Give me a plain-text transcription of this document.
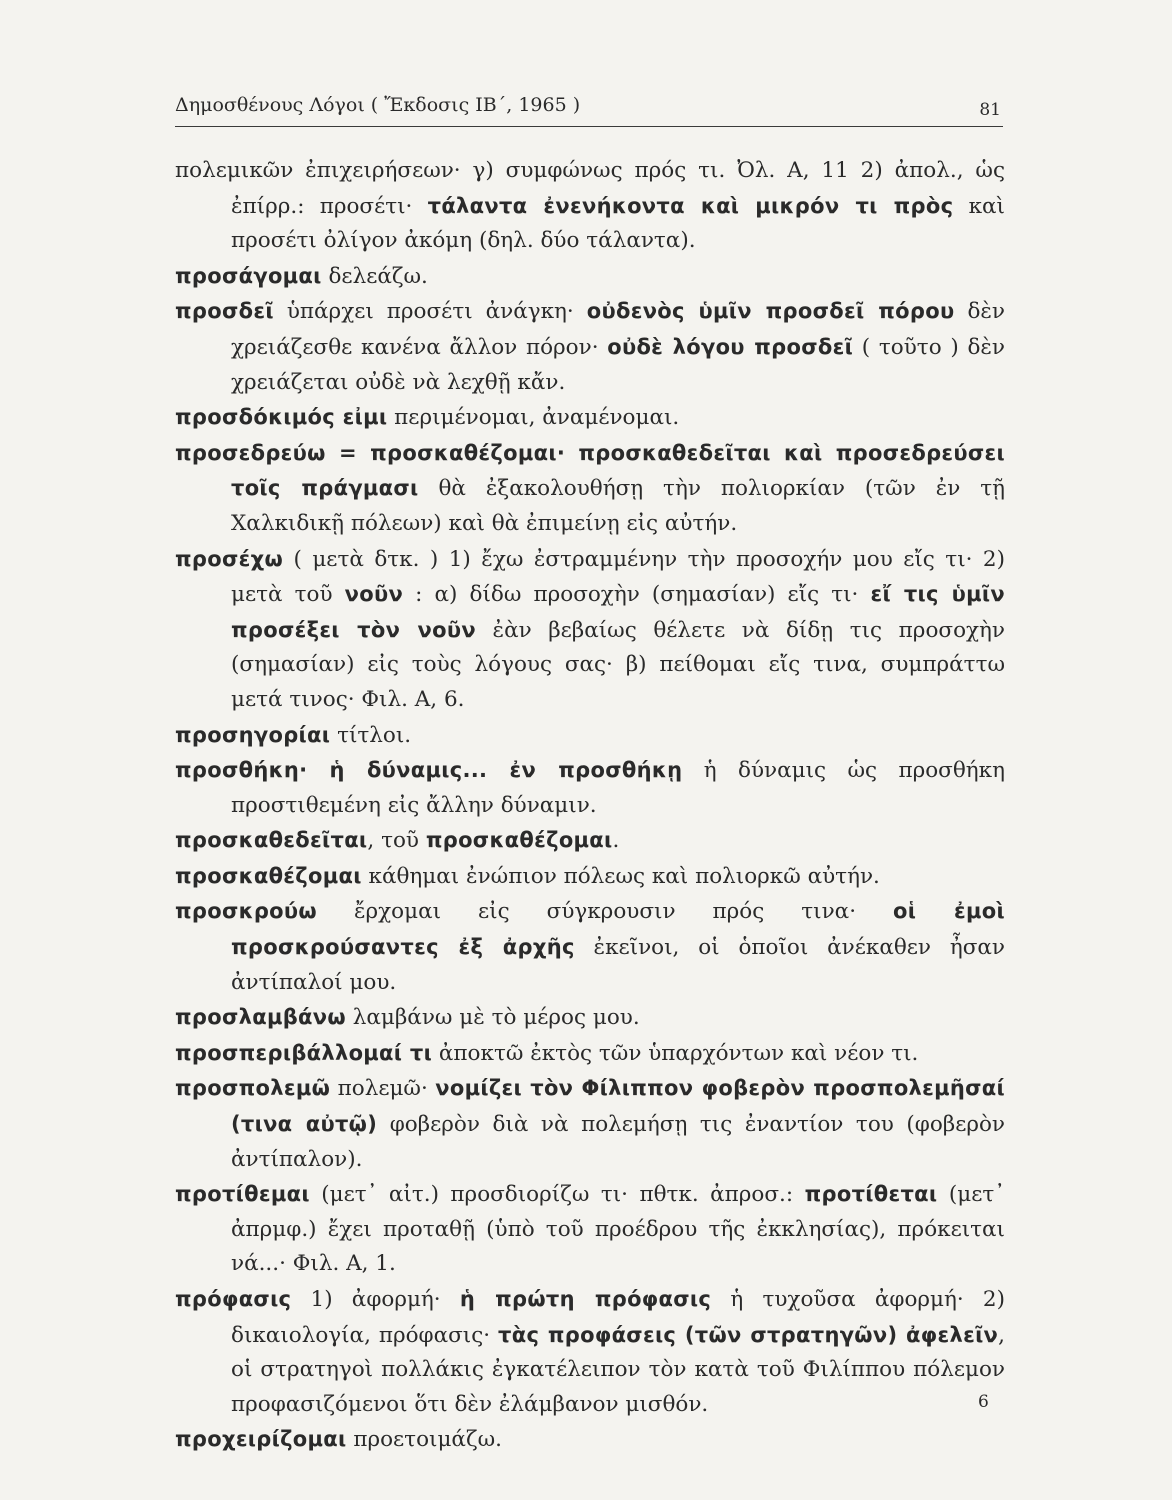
Δημοσθένους Λόγοι ( Ἔκδοσις ΙΒ΄, 1965 )	81

πολεμικῶν ἐπιχειρήσεων· γ) συμφώνως πρός τι. Ὀλ. Α, 11 2) ἀπολ., ὡς ἐπίρρ.: προσέτι· τάλαντα ἐνενήκοντα καὶ μικρόν τι πρὸς καὶ προσέτι ὀλίγον ἀκόμη (δηλ. δύο τάλαντα).

προσάγομαι δελεάζω.

προσδεῖ ὑπάρχει προσέτι ἀνάγκη· οὐδενὸς ὑμῖν προσδεῖ πόρου δὲν χρειάζεσθε κανένα ἄλλον πόρον· οὐδὲ λόγου προσδεῖ ( τοῦτο ) δὲν χρειάζεται οὐδὲ νὰ λεχθῇ κἄν.

προσδόκιμός εἰμι περιμένομαι, ἀναμένομαι.

προσεδρεύω = προσκαθέζομαι· προσκαθεδεῖται καὶ προσεδρεύσει τοῖς πράγμασι θὰ ἐξακολουθήσῃ τὴν πολιορκίαν (τῶν ἐν τῇ Χαλκιδικῇ πόλεων) καὶ θὰ ἐπιμείνῃ εἰς αὐτήν.

προσέχω ( μετὰ δτκ. ) 1) ἔχω ἐστραμμένην τὴν προσοχήν μου εἴς τι· 2) μετὰ τοῦ νοῦν : α) δίδω προσοχὴν (σημασίαν) εἴς τι· εἴ τις ὑμῖν προσέξει τὸν νοῦν ἐὰν βεβαίως θέλετε νὰ δίδῃ τις προσοχὴν (σημασίαν) εἰς τοὺς λόγους σας· β) πείθομαι εἴς τινα, συμπράττω μετά τινος· Φιλ. Α, 6.

προσηγορίαι τίτλοι.

προσθήκη· ἡ δύναμις... ἐν προσθήκῃ ἡ δύναμις ὡς προσθήκη προστιθεμένη εἰς ἄλλην δύναμιν.

προσκαθεδεῖται, τοῦ προσκαθέζομαι.

προσκαθέζομαι κάθημαι ἐνώπιον πόλεως καὶ πολιορκῶ αὐτήν.

προσκρούω ἔρχομαι εἰς σύγκρουσιν πρός τινα· οἱ ἐμοὶ προσκρούσαντες ἐξ ἀρχῆς ἐκεῖνοι, οἱ ὁποῖοι ἀνέκαθεν ἦσαν ἀντίπαλοί μου.

προσλαμβάνω λαμβάνω μὲ τὸ μέρος μου.

προσπεριβάλλομαί τι ἀποκτῶ ἐκτὸς τῶν ὑπαρχόντων καὶ νέον τι.

προσπολεμῶ πολεμῶ· νομίζει τὸν Φίλιππον φοβερὸν προσπολεμῆσαί (τινα αὐτῷ) φοβερὸν διὰ νὰ πολεμήσῃ τις ἐναντίον του (φοβερὸν ἀντίπαλον).

προτίθεμαι (μετ᾽ αἰτ.) προσδιορίζω τι· πθτκ. ἀπροσ.: προτίθεται (μετ᾽ ἀπρμφ.) ἔχει προταθῇ (ὑπὸ τοῦ προέδρου τῆς ἐκκλησίας), πρόκειται νά...· Φιλ. Α, 1.

πρόφασις 1) ἀφορμή· ἡ πρώτη πρόφασις ἡ τυχοῦσα ἀφορμή· 2) δικαιολογία, πρόφασις· τὰς προφάσεις (τῶν στρατηγῶν) ἀφελεῖν, οἱ στρατηγοὶ πολλάκις ἐγκατέλειπον τὸν κατὰ τοῦ Φιλίππου πόλεμον προφασιζόμενοι ὅτι δὲν ἐλάμβανον μισθόν.

προχειρίζομαι προετοιμάζω.

6
